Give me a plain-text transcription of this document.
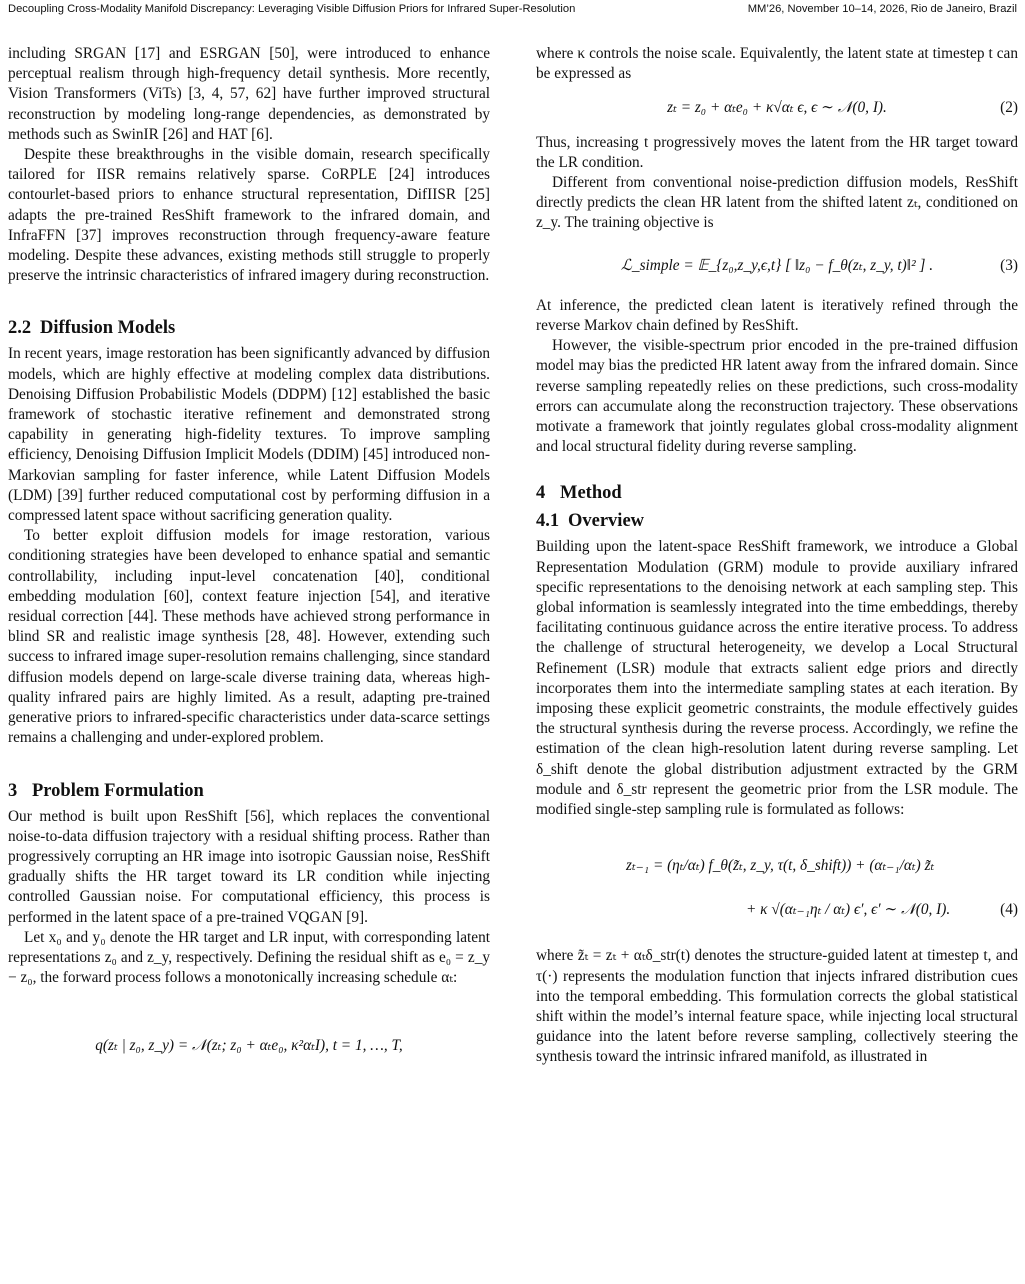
Decoupling Cross-Modality Manifold Discrepancy: Leveraging Visible Diffusion Priors for Infrared Super-Resolution	MM’26, November 10–14, 2026, Rio de Janeiro, Brazil

including SRGAN [17] and ESRGAN [50], were introduced to enhance perceptual realism through high-frequency detail synthesis. More recently, Vision Transformers (ViTs) [3, 4, 57, 62] have further improved structural reconstruction by modeling long-range dependencies, as demonstrated by methods such as SwinIR [26] and HAT [6].

Despite these breakthroughs in the visible domain, research specifically tailored for IISR remains relatively sparse. CoRPLE [24] introduces contourlet-based priors to enhance structural representation, DifIISR [25] adapts the pre-trained ResShift framework to the infrared domain, and InfraFFN [37] improves reconstruction through frequency-aware feature modeling. Despite these advances, existing methods still struggle to properly preserve the intrinsic characteristics of infrared imagery during reconstruction.

2.2 Diffusion Models

In recent years, image restoration has been significantly advanced by diffusion models, which are highly effective at modeling complex data distributions. Denoising Diffusion Probabilistic Models (DDPM) [12] established the basic framework of stochastic iterative refinement and demonstrated strong capability in generating high-fidelity textures. To improve sampling efficiency, Denoising Diffusion Implicit Models (DDIM) [45] introduced non-Markovian sampling for faster inference, while Latent Diffusion Models (LDM) [39] further reduced computational cost by performing diffusion in a compressed latent space without sacrificing generation quality.

To better exploit diffusion models for image restoration, various conditioning strategies have been developed to enhance spatial and semantic controllability, including input-level concatenation [40], conditional embedding modulation [60], context feature injection [54], and iterative residual correction [44]. These methods have achieved strong performance in blind SR and realistic image synthesis [28, 48]. However, extending such success to infrared image super-resolution remains challenging, since standard diffusion models depend on large-scale diverse training data, whereas high-quality infrared pairs are highly limited. As a result, adapting pre-trained generative priors to infrared-specific characteristics under data-scarce settings remains a challenging and under-explored problem.

3 Problem Formulation

Our method is built upon ResShift [56], which replaces the conventional noise-to-data diffusion trajectory with a residual shifting process. Rather than progressively corrupting an HR image into isotropic Gaussian noise, ResShift gradually shifts the HR target toward its LR condition while injecting controlled Gaussian noise. For computational efficiency, this process is performed in the latent space of a pre-trained VQGAN [9].

Let x₀ and y₀ denote the HR target and LR input, with corresponding latent representations z₀ and z_y, respectively. Defining the residual shift as e₀ = z_y − z₀, the forward process follows a monotonically increasing schedule αₜ:

q(zₜ | z₀, z_y) = 𝒩(zₜ; z₀ + αₜe₀, κ²αₜI), t = 1, …, T,

where κ controls the noise scale. Equivalently, the latent state at timestep t can be expressed as

zₜ = z₀ + αₜe₀ + κ√αₜ ϵ, ϵ ∼ 𝒩(0, I).	(2)

Thus, increasing t progressively moves the latent from the HR target toward the LR condition.

Different from conventional noise-prediction diffusion models, ResShift directly predicts the clean HR latent from the shifted latent zₜ, conditioned on z_y. The training objective is

ℒ_simple = 𝔼_{z₀,z_y,ϵ,t} [ ‖z₀ − f_θ(zₜ, z_y, t)‖² ] .	(3)

At inference, the predicted clean latent is iteratively refined through the reverse Markov chain defined by ResShift.

However, the visible-spectrum prior encoded in the pre-trained diffusion model may bias the predicted HR latent away from the infrared domain. Since reverse sampling repeatedly relies on these predictions, such cross-modality errors can accumulate along the reconstruction trajectory. These observations motivate a framework that jointly regulates global cross-modality alignment and local structural fidelity during reverse sampling.

4 Method
4.1 Overview

Building upon the latent-space ResShift framework, we introduce a Global Representation Modulation (GRM) module to provide auxiliary infrared specific representations to the denoising network at each sampling step. This global information is seamlessly integrated into the time embeddings, thereby facilitating continuous guidance across the entire iterative process. To address the challenge of structural heterogeneity, we develop a Local Structural Refinement (LSR) module that extracts salient edge priors and directly incorporates them into the intermediate sampling states at each iteration. By imposing these explicit geometric constraints, the module effectively guides the structural synthesis during the reverse process. Accordingly, we refine the estimation of the clean high-resolution latent during reverse sampling. Let δ_shift denote the global distribution adjustment extracted by the GRM module and δ_str represent the geometric prior from the LSR module. The modified single-step sampling rule is formulated as follows:

zₜ₋₁ = (ηₜ/αₜ) f_θ(z̃ₜ, z_y, τ(t, δ_shift)) + (αₜ₋₁/αₜ) z̃ₜ
+ κ √(αₜ₋₁ηₜ / αₜ) ϵ′, ϵ′ ∼ 𝒩(0, I).	(4)

where z̃ₜ = zₜ + αₜδ_str(t) denotes the structure-guided latent at timestep t, and τ(·) represents the modulation function that injects infrared distribution cues into the temporal embedding. This formulation corrects the global statistical shift within the model’s internal feature space, while injecting local structural guidance into the latent before reverse sampling, collectively steering the synthesis toward the intrinsic infrared manifold, as illustrated in
